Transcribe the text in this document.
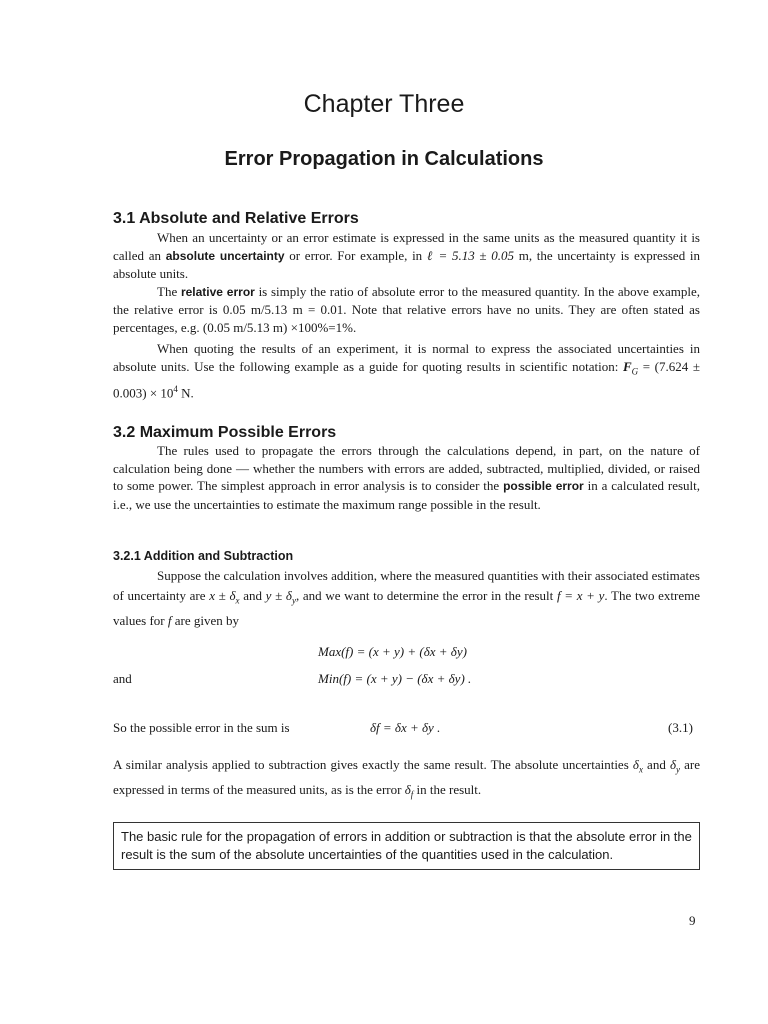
Chapter Three
Error Propagation in Calculations
3.1 Absolute and Relative Errors

When an uncertainty or an error estimate is expressed in the same units as the measured quantity it is called an absolute uncertainty or error. For example, in ℓ = 5.13 ± 0.05 m, the uncertainty is expressed in absolute units.

The relative error is simply the ratio of absolute error to the measured quantity. In the above example, the relative error is 0.05 m/5.13 m = 0.01. Note that relative errors have no units. They are often stated as percentages, e.g. (0.05 m/5.13 m) ×100%=1%.

When quoting the results of an experiment, it is normal to express the associated uncertainties in absolute units. Use the following example as a guide for quoting results in scientific notation: $F_G = (7.624 \pm 0.003) \times 10^4$ N.

3.2 Maximum Possible Errors

The rules used to propagate the errors through the calculations depend, in part, on the nature of calculation being done — whether the numbers with errors are added, subtracted, multiplied, divided, or raised to some power. The simplest approach in error analysis is to consider the possible error in a calculated result, i.e., we use the uncertainties to estimate the maximum range possible in the result.

3.2.1 Addition and Subtraction

Suppose the calculation involves addition, where the measured quantities with their associated estimates of uncertainty are $x \pm \delta_x$ and $y \pm \delta_y$, and we want to determine the error in the result f = x + y. The two extreme values for f are given by

Max(f) = (x + y) + (δx + δy)
and	Min(f) = (x + y) − (δx + δy) .
So the possible error in the sum is	δf = δx + δy .	(3.1)
A similar analysis applied to subtraction gives exactly the same result. The absolute uncertainties $\delta_x$ and $\delta_y$ are expressed in terms of the measured units, as is the error $\delta_f$ in the result.
The basic rule for the propagation of errors in addition or subtraction is that the absolute error in the result is the sum of the absolute uncertainties of the quantities used in the calculation.
9
